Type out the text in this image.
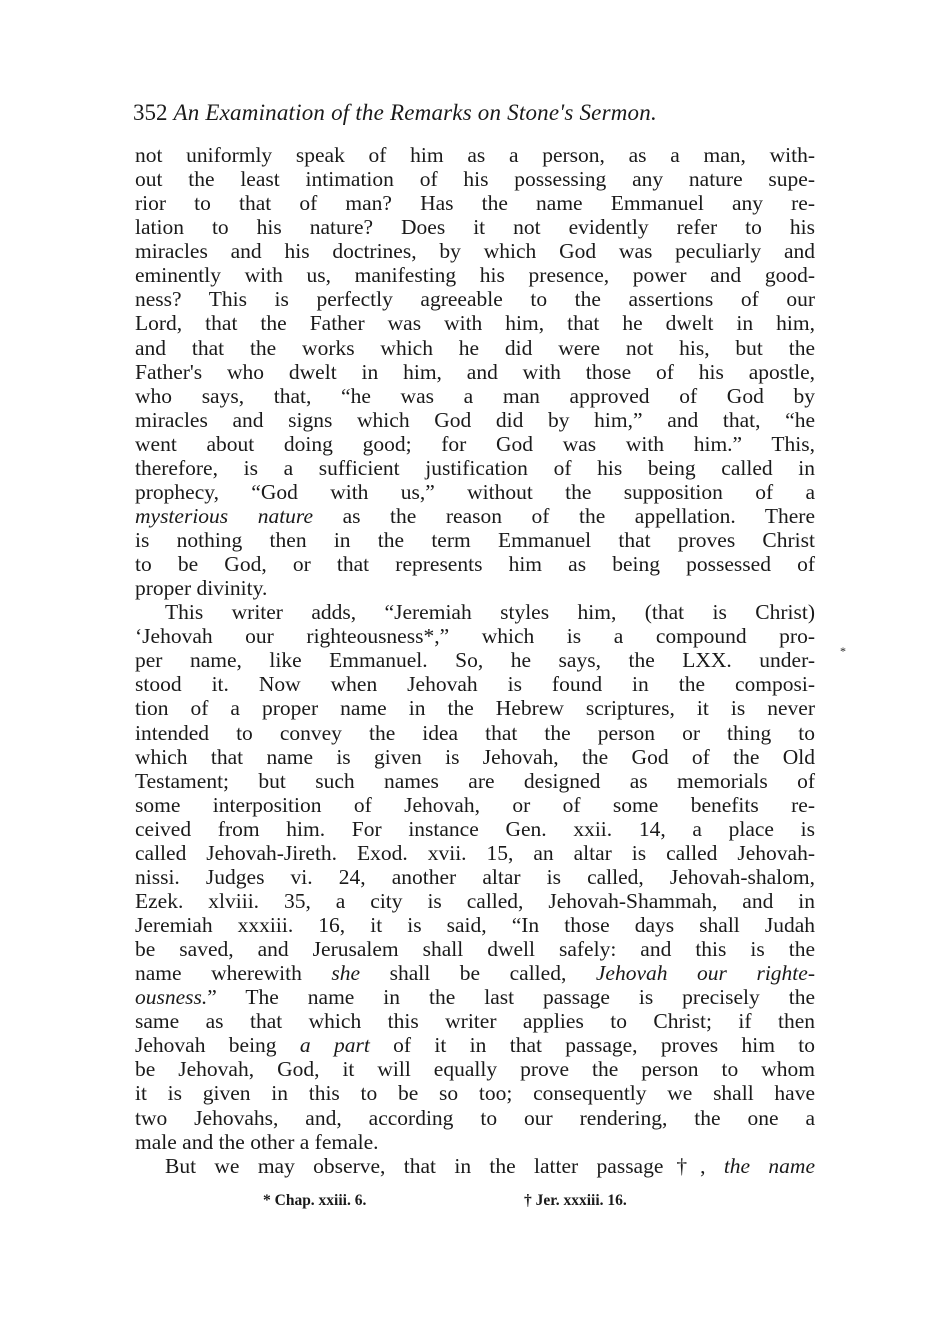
352 An Examination of the Remarks on Stone's Sermon.
not uniformly speak of him as a person, as a man, with-
out the least intimation of his possessing any nature supe-
rior to that of man? Has the name Emmanuel any re-
lation to his nature? Does it not evidently refer to his
miracles and his doctrines, by which God was peculiarly and
eminently with us, manifesting his presence, power and good-
ness? This is perfectly agreeable to the assertions of our
Lord, that the Father was with him, that he dwelt in him,
and that the works which he did were not his, but the
Father's who dwelt in him, and with those of his apostle,
who says, that, “he was a man approved of God by
miracles and signs which God did by him,” and that, “he
went about doing good; for God was with him.” This,
therefore, is a sufficient justification of his being called in
prophecy, “God with us,” without the supposition of a
mysterious nature as the reason of the appellation. There
is nothing then in the term Emmanuel that proves Christ
to be God, or that represents him as being possessed of
proper divinity.
This writer adds, “Jeremiah styles him, (that is Christ)
‘Jehovah our righteousness*,” which is a compound pro-
per name, like Emmanuel. So, he says, the LXX. under-
stood it. Now when Jehovah is found in the composi-
tion of a proper name in the Hebrew scriptures, it is never
intended to convey the idea that the person or thing to
which that name is given is Jehovah, the God of the Old
Testament; but such names are designed as memorials of
some interposition of Jehovah, or of some benefits re-
ceived from him. For instance Gen. xxii. 14, a place is
called Jehovah-Jireth. Exod. xvii. 15, an altar is called Jehovah-
nissi. Judges vi. 24, another altar is called, Jehovah-shalom,
Ezek. xlviii. 35, a city is called, Jehovah-Shammah, and in
Jeremiah xxxiii. 16, it is said, “In those days shall Judah
be saved, and Jerusalem shall dwell safely: and this is the
name wherewith she shall be called, Jehovah our righte-
ousness.” The name in the last passage is precisely the
same as that which this writer applies to Christ; if then
Jehovah being a part of it in that passage, proves him to
be Jehovah, God, it will equally prove the person to whom
it is given in this to be so too; consequently we shall have
two Jehovahs, and, according to our rendering, the one a
male and the other a female.
But we may observe, that in the latter passage†, the name
*
* Chap. xxiii. 6.	† Jer. xxxiii. 16.
